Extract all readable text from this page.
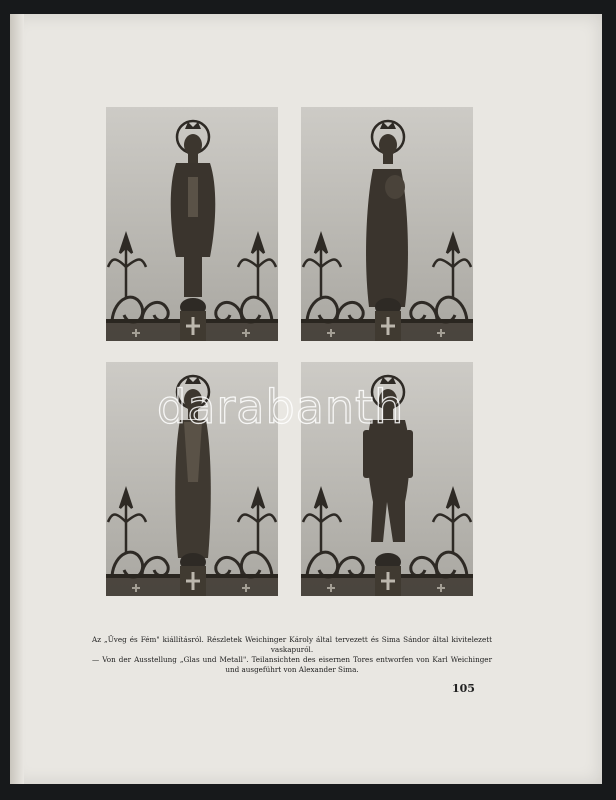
darabanth

Az „Üveg és Fém" kiállításról. Részletek Weichinger Károly által tervezett és Sima Sándor által kivitelezett vaskapuról.

— Von der Ausstellung „Glas und Metall". Teilansichten des eisernen Tores entworfen von Karl Weichinger und ausgeführt von Alexander Sima.

105
